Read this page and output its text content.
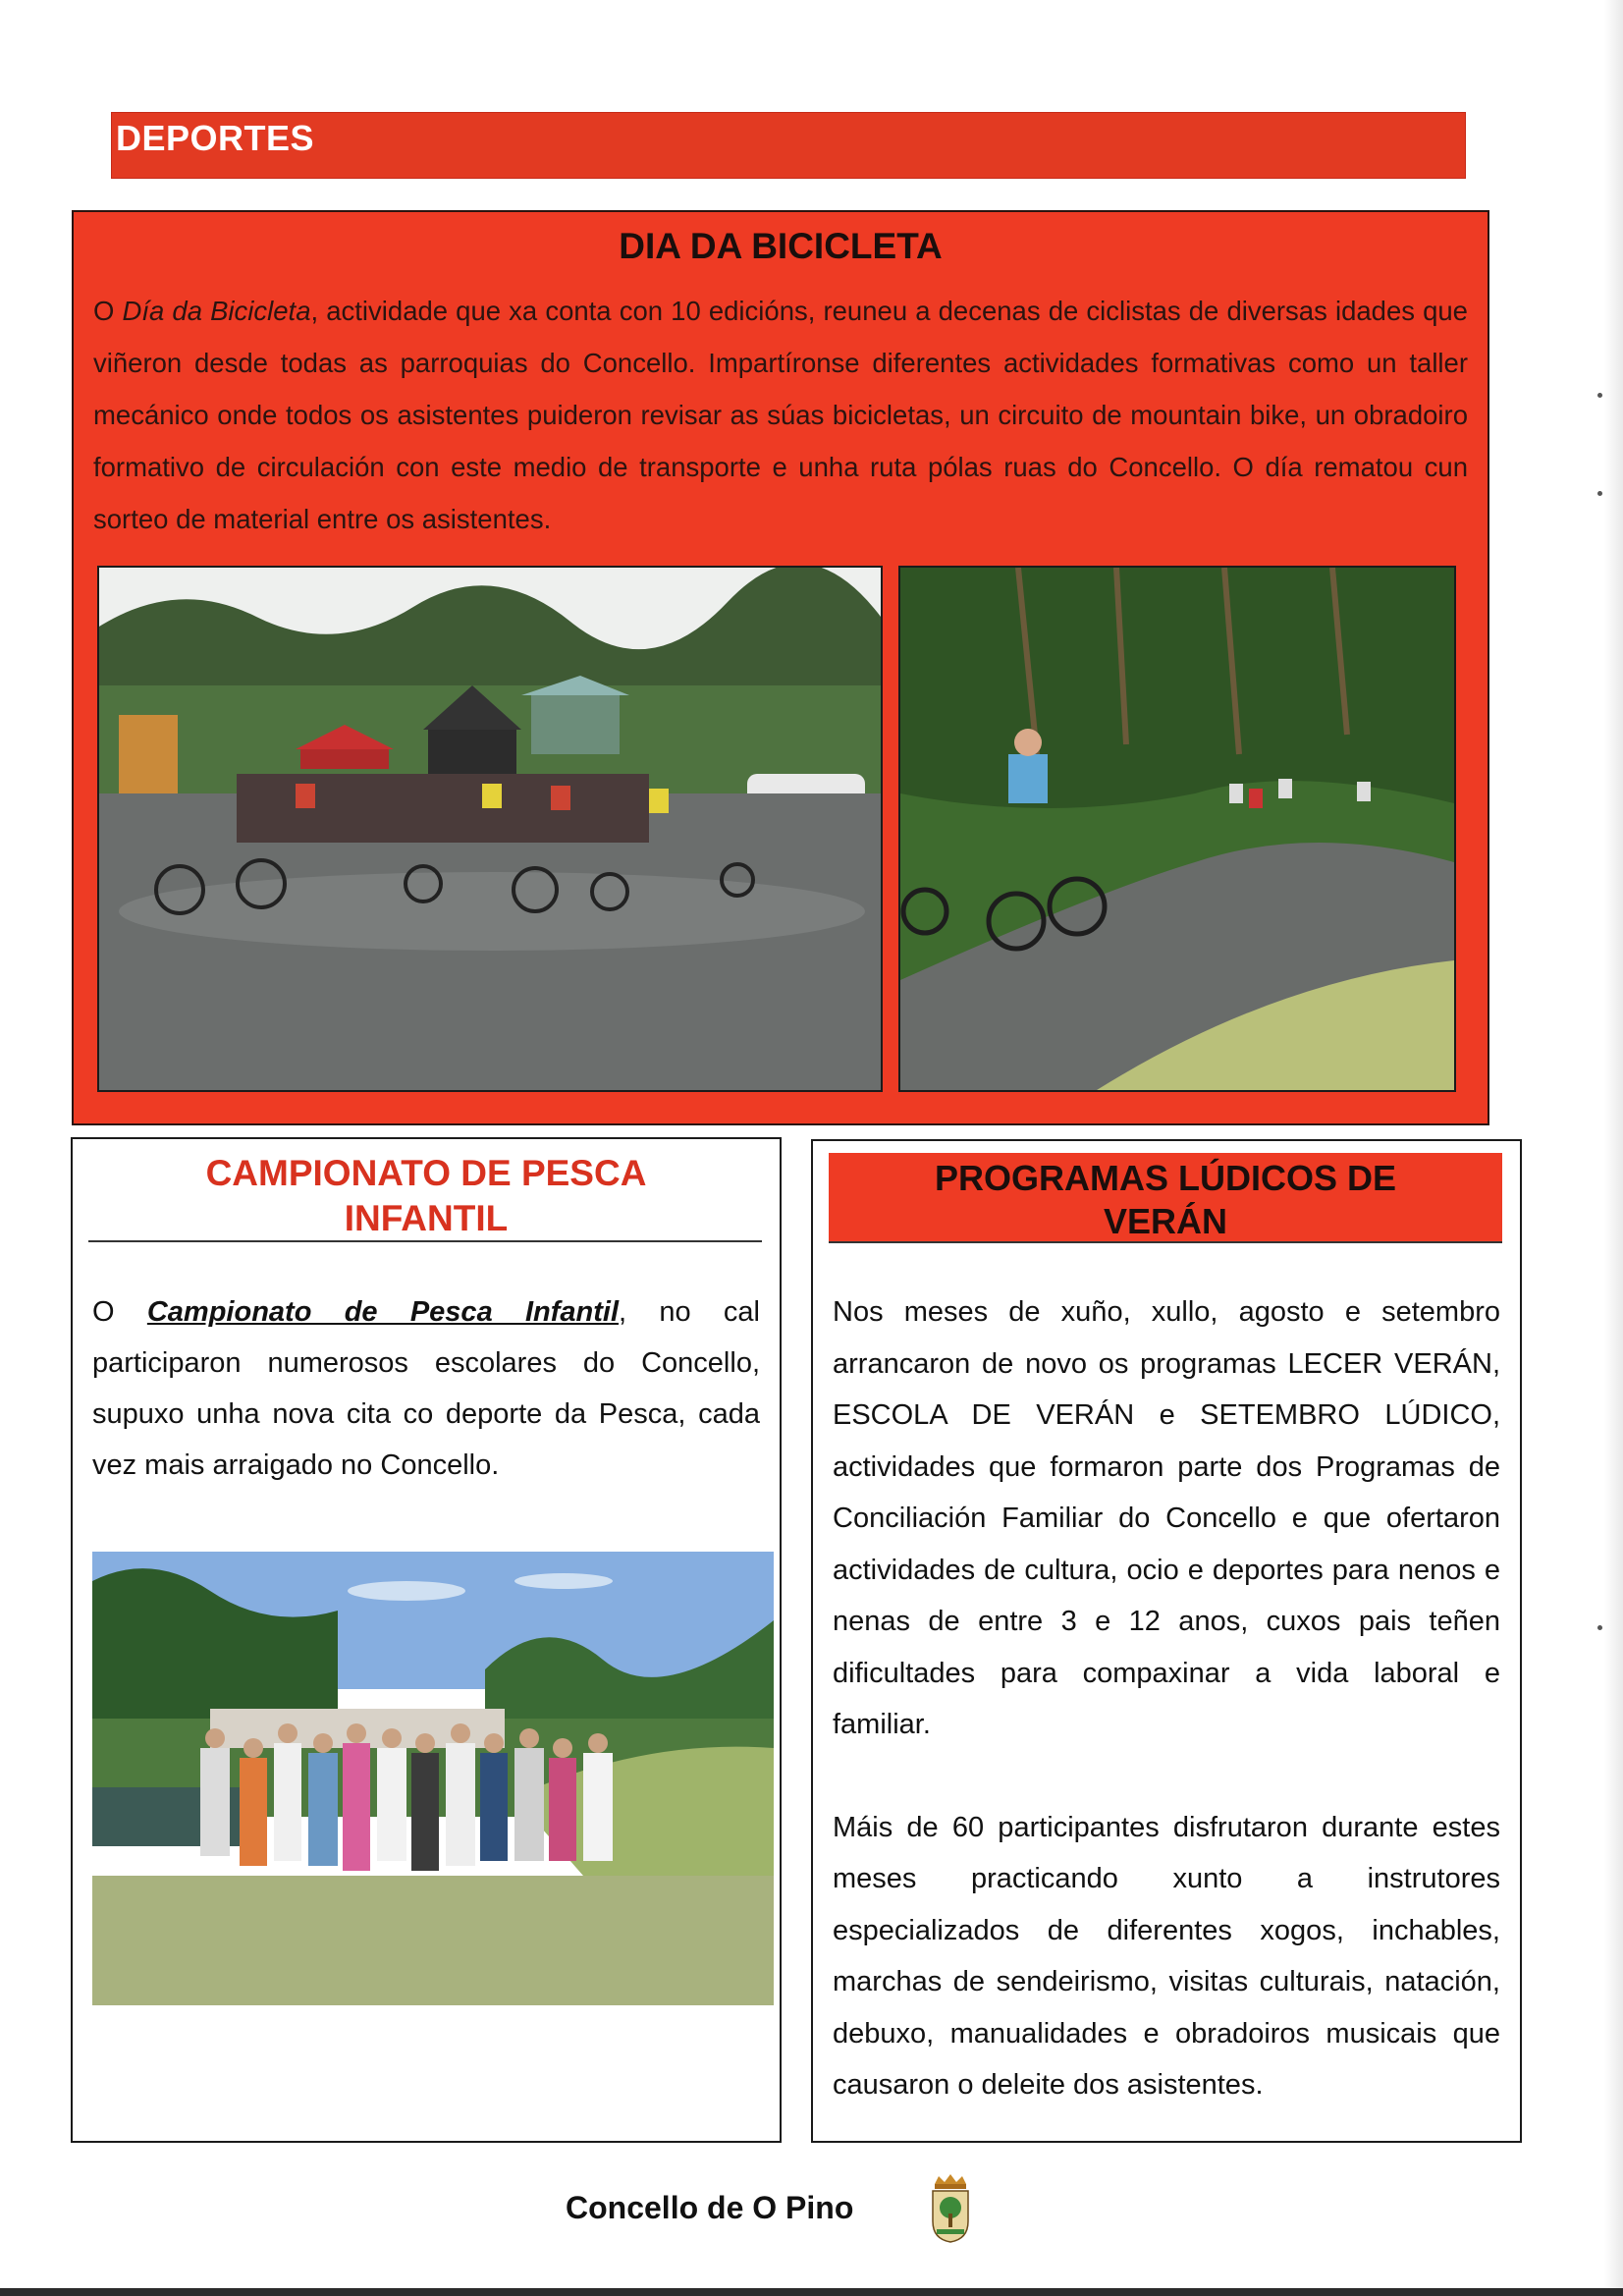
DEPORTES
DIA DA BICICLETA
O Día da Bicicleta, actividade que xa conta con 10 edicións, reuneu a decenas de ciclistas de diversas idades que viñeron desde todas as parroquias do Concello. Impartíronse diferentes actividades formativas como un taller mecánico onde todos os asistentes puideron revisar as súas bicicletas, un circuito de mountain bike, un obradoiro formativo de circulación con este medio de transporte e unha ruta pólas ruas do Concello. O día rematou cun sorteo de material entre os asistentes.
CAMPIONATO DE PESCA
INFANTIL
O Campionato de Pesca Infantil, no cal participaron numerosos escolares do Concello, supuxo unha nova cita co deporte da Pesca, cada vez mais arraigado no Concello.
PROGRAMAS LÚDICOS DE
VERÁN

Nos meses de xuño, xullo, agosto e setembro arrancaron de novo os programas LECER VERÁN, ESCOLA DE VERÁN e SETEMBRO LÚDICO, actividades que formaron parte dos Programas de Conciliación Familiar do Concello e que ofertaron actividades de cultura, ocio e deportes para nenos e nenas de entre 3 e 12 anos, cuxos pais teñen dificultades para compaxinar a vida laboral e familiar.

Máis de 60 participantes disfrutaron durante estes meses practicando xunto a instrutores especializados de diferentes xogos, inchables, marchas de sendeirismo, visitas culturais, natación, debuxo, manualidades e obradoiros musicais que causaron o deleite dos asistentes.

Concello de O Pino
